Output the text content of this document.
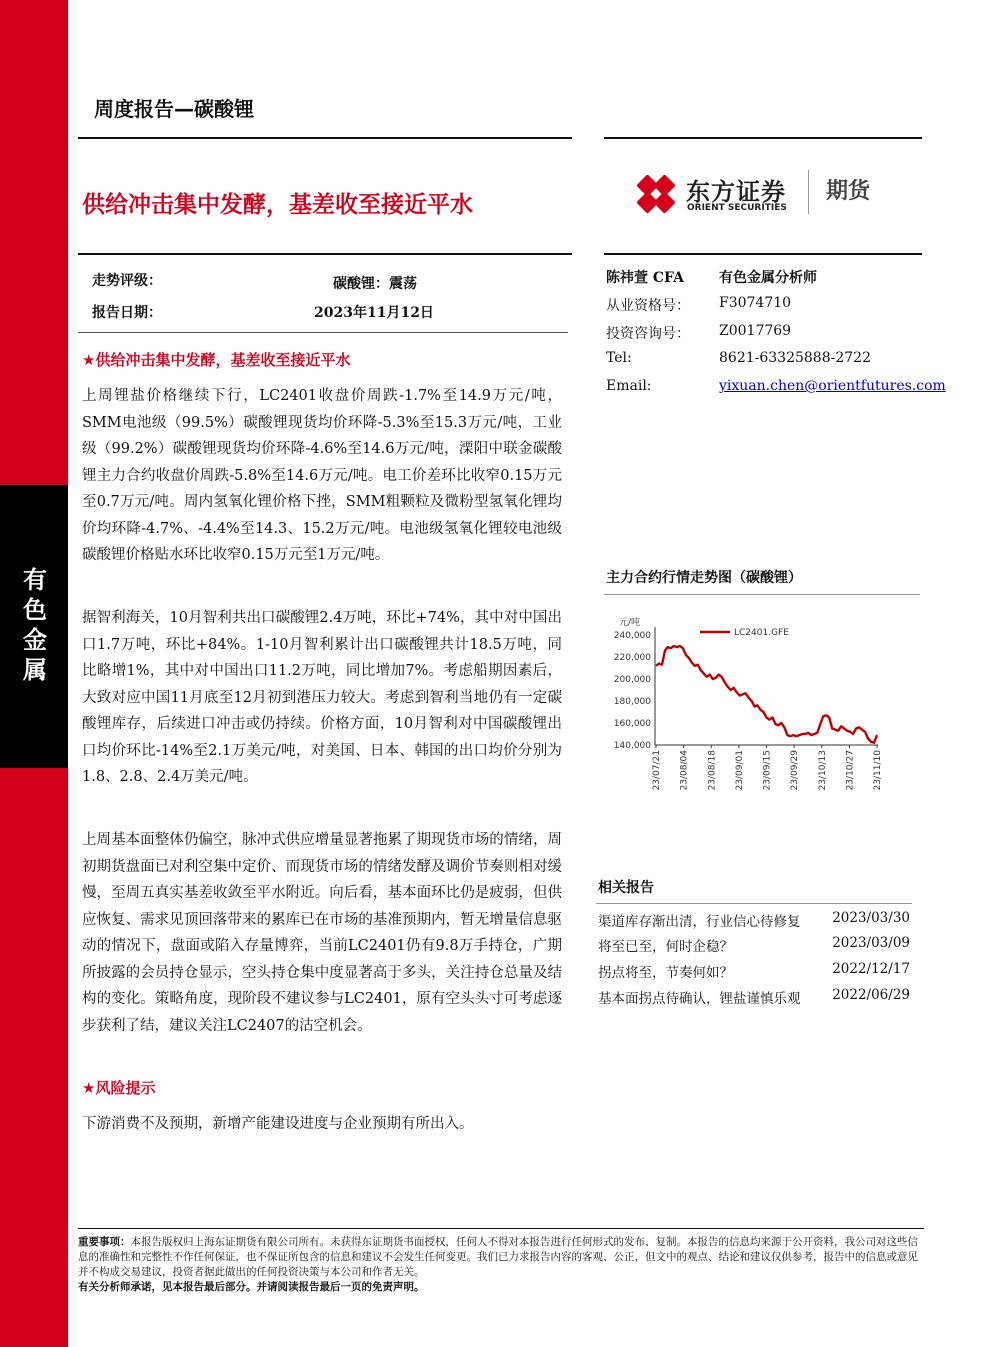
有
色
金
属
周度报告—碳酸锂
供给冲击集中发酵，基差收至接近平水	东方证券
ORIENT SECURITIES
期货
走势评级：	碳酸锂：震荡
报告日期：	2023年11月12日
陈祎萱 CFA	有色金属分析师
从业资格号： F3074710
投资咨询号： Z0017769
Tel:	8621-63325888-2722
Email:	yixuan.chen@orientfutures.com
★供给冲击集中发酵，基差收至接近平水
上周锂盐价格继续下行，LC2401收盘价周跌-1.7%至14.9万元/吨，SMM电池级（99.5%）碳酸锂现货均价环降-5.3%至15.3万元/吨，工业级（99.2%）碳酸锂现货均价环降-4.6%至14.6万元/吨，溧阳中联金碳酸锂主力合约收盘价周跌-5.8%至14.6万元/吨。电工价差环比收窄0.15万元至0.7万元/吨。周内氢氧化锂价格下挫，SMM粗颗粒及微粉型氢氧化锂均价均环降-4.7%、-4.4%至14.3、15.2万元/吨。电池级氢氧化锂较电池级碳酸锂价格贴水环比收窄0.15万元至1万元/吨。
据智利海关，10月智利共出口碳酸锂2.4万吨，环比+74%，其中对中国出口1.7万吨，环比+84%。1-10月智利累计出口碳酸锂共计18.5万吨，同比略增1%，其中对中国出口11.2万吨，同比增加7%。考虑船期因素后，大致对应中国11月底至12月初到港压力较大。考虑到智利当地仍有一定碳酸锂库存，后续进口冲击或仍持续。价格方面，10月智利对中国碳酸锂出口均价环比-14%至2.1万美元/吨，对美国、日本、韩国的出口均价分别为1.8、2.8、2.4万美元/吨。
上周基本面整体仍偏空，脉冲式供应增量显著拖累了期现货市场的情绪，周初期货盘面已对利空集中定价、而现货市场的情绪发酵及调价节奏则相对缓慢，至周五真实基差收敛至平水附近。向后看，基本面环比仍是疲弱，但供应恢复、需求见顶回落带来的累库已在市场的基准预期内，暂无增量信息驱动的情况下，盘面或陷入存量博弈，当前LC2401仍有9.8万手持仓，广期所披露的会员持仓显示，空头持仓集中度显著高于多头，关注持仓总量及结构的变化。策略角度，现阶段不建议参与LC2401，原有空头头寸可考虑逐步获利了结，建议关注LC2407的沽空机会。
★风险提示
下游消费不及预期，新增产能建设进度与企业预期有所出入。
主力合约行情走势图（碳酸锂）
元/吨
240,000
220,000
200,000
180,000
160,000
140,000
23/07/21 23/08/04 23/08/18 23/09/01 23/09/15 23/09/29 23/10/13 23/10/27 23/11/10
LC2401.GFE
相关报告
渠道库存渐出清，行业信心待修复 2023/03/30
将至已至，何时企稳？	2023/03/09
拐点将至，节奏何如？	2022/12/17
基本面拐点待确认，锂盐谨慎乐观 2022/06/29
重要事项：本报告版权归上海东证期货有限公司所有。未获得东证期货书面授权，任何人不得对本报告进行任何形式的发布、复制。本报告的信息均来源于公开资料，我公司对这些信息的准确性和完整性不作任何保证，也不保证所包含的信息和建议不会发生任何变更。我们已力求报告内容的客观、公正，但文中的观点、结论和建议仅供参考，报告中的信息或意见并不构成交易建议，投资者据此做出的任何投资决策与本公司和作者无关。
有关分析师承诺，见本报告最后部分。并请阅读报告最后一页的免责声明。
